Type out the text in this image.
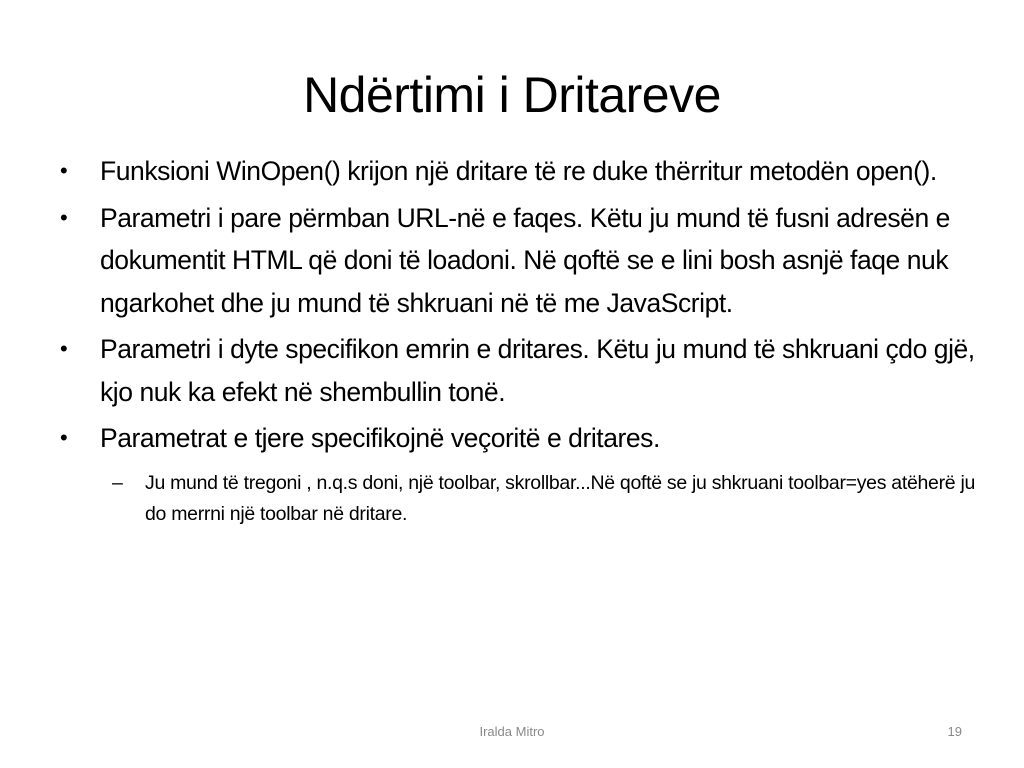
Ndërtimi i Dritareve
•	Funksioni WinOpen() krijon një dritare të re duke thërritur metodën open().
•	Parametri i pare përmban URL-në e faqes. Këtu ju mund të fusni adresën e dokumentit HTML që doni të loadoni. Në qoftë se e lini bosh asnjë faqe nuk ngarkohet dhe ju mund të shkruani në të me JavaScript.
•	Parametri i dyte specifikon emrin e dritares. Këtu ju mund të shkruani çdo gjë, kjo nuk ka efekt në shembullin tonë.
•	Parametrat e tjere specifikojnë veçoritë e dritares.
– Ju mund të tregoni , n.q.s doni, një toolbar, skrollbar...Në qoftë se ju shkruani toolbar=yes atëherë ju do merrni një toolbar në dritare.
Iralda Mitro	19
